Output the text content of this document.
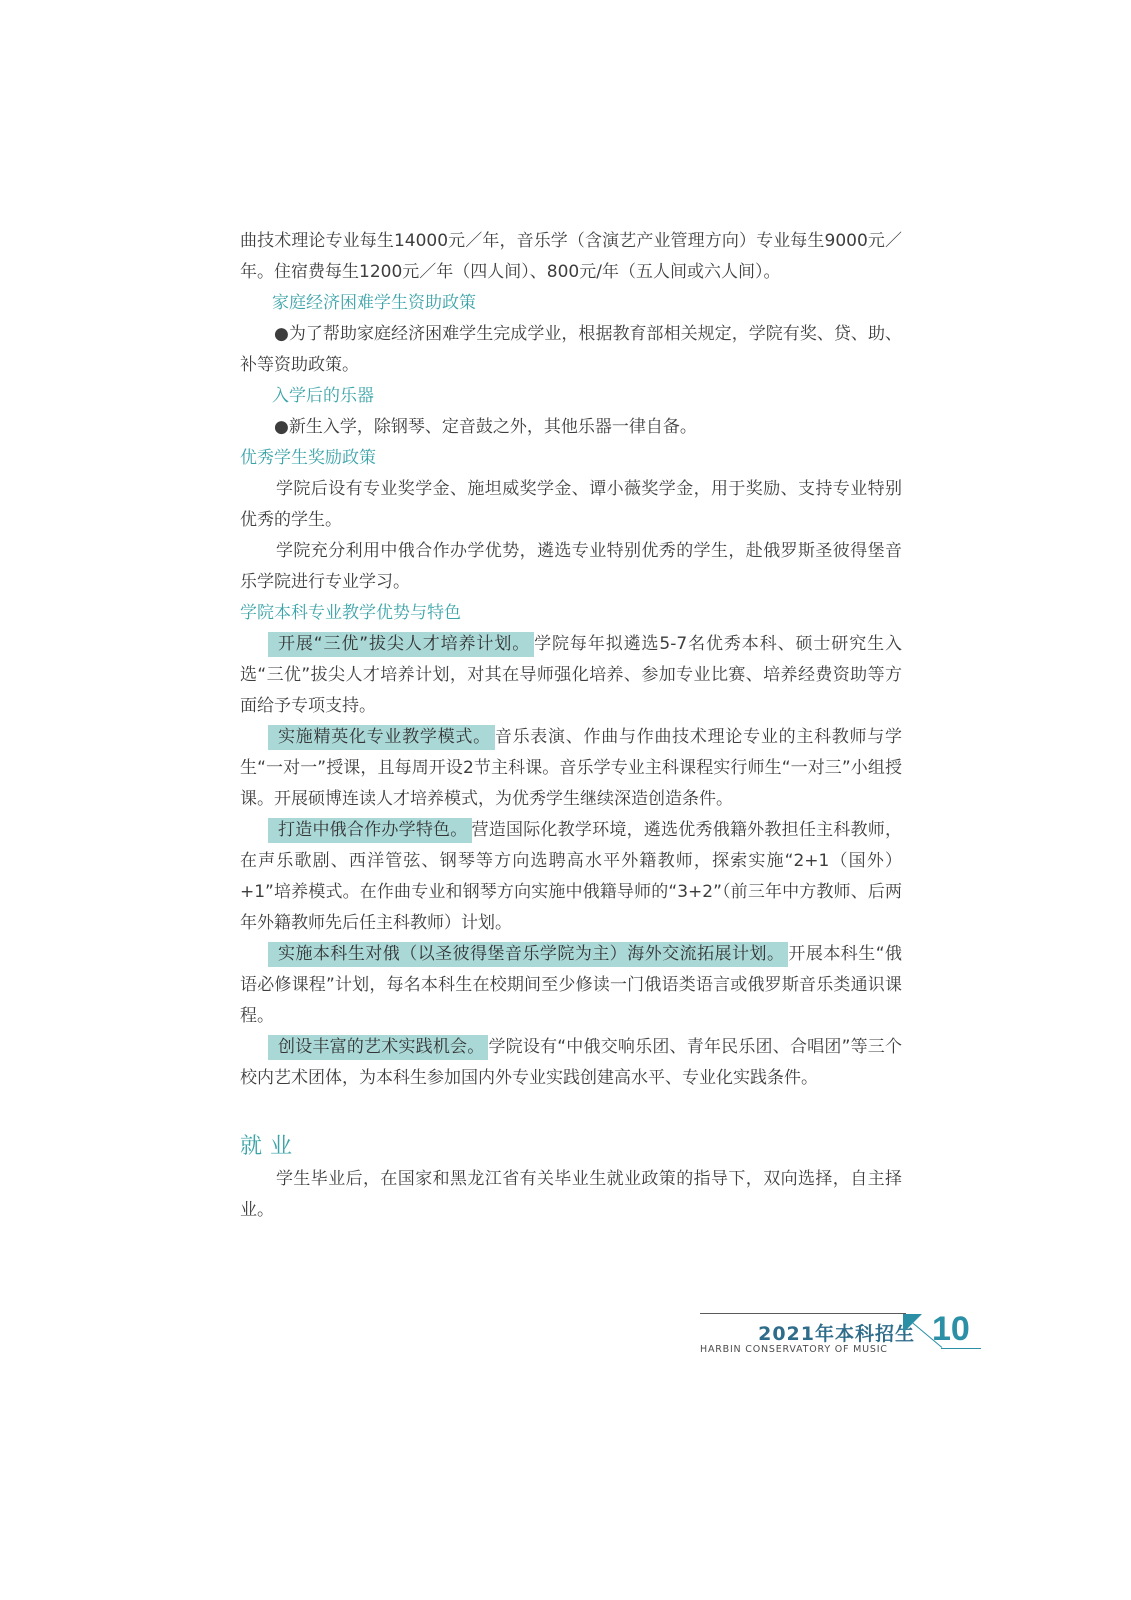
曲技术理论专业每生14000元／年，音乐学（含演艺产业管理方向）专业每生9000元／年。住宿费每生1200元／年（四人间）、800元/年（五人间或六人间）。

家庭经济困难学生资助政策

●为了帮助家庭经济困难学生完成学业，根据教育部相关规定，学院有奖、贷、助、补等资助政策。

入学后的乐器

●新生入学，除钢琴、定音鼓之外，其他乐器一律自备。

优秀学生奖励政策

学院后设有专业奖学金、施坦威奖学金、谭小薇奖学金，用于奖励、支持专业特别优秀的学生。

学院充分利用中俄合作办学优势，遴选专业特别优秀的学生，赴俄罗斯圣彼得堡音乐学院进行专业学习。

学院本科专业教学优势与特色

开展“三优”拔尖人才培养计划。 学院每年拟遴选5-7名优秀本科、硕士研究生入选“三优”拔尖人才培养计划，对其在导师强化培养、参加专业比赛、培养经费资助等方面给予专项支持。

实施精英化专业教学模式。 音乐表演、作曲与作曲技术理论专业的主科教师与学生“一对一”授课，且每周开设2节主科课。音乐学专业主科课程实行师生“一对三”小组授课。开展硕博连读人才培养模式，为优秀学生继续深造创造条件。

打造中俄合作办学特色。 营造国际化教学环境，遴选优秀俄籍外教担任主科教师，在声乐歌剧、西洋管弦、钢琴等方向选聘高水平外籍教师，探索实施“2+1（国外）+1”培养模式。在作曲专业和钢琴方向实施中俄籍导师的“3+2”（前三年中方教师、后两年外籍教师先后任主科教师）计划。

实施本科生对俄（以圣彼得堡音乐学院为主）海外交流拓展计划。 开展本科生“俄语必修课程”计划，每名本科生在校期间至少修读一门俄语类语言或俄罗斯音乐类通识课程。

创设丰富的艺术实践机会。 学院设有“中俄交响乐团、青年民乐团、合唱团”等三个校内艺术团体，为本科生参加国内外专业实践创建高水平、专业化实践条件。

就业

学生毕业后，在国家和黑龙江省有关毕业生就业政策的指导下，双向选择，自主择业。

2021年本科招生
HARBIN CONSERVATORY OF MUSIC
10
